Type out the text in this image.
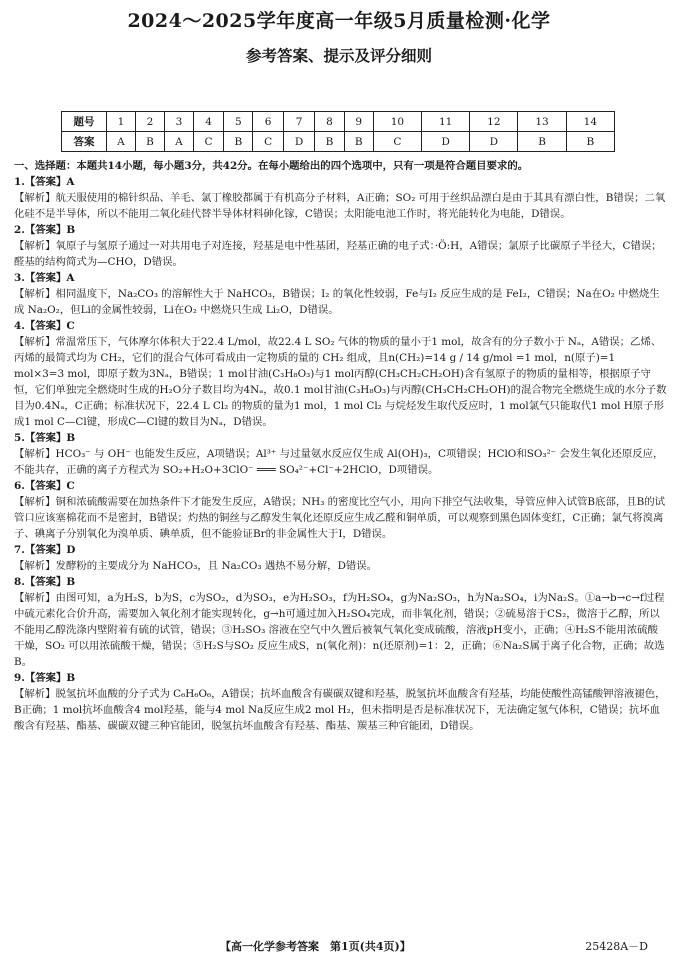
2024～2025学年度高一年级5月质量检测·化学
参考答案、提示及评分细则
题号	1	2	3	4	5	6	7	8	9	10	11	12	13	14
答案	A	B	A	C	B	C	D	B	B	C	D	D	B	B
一、选择题：本题共14小题，每小题3分，共42分。在每小题给出的四个选项中，只有一项是符合题目要求的。
1.【答案】A
【解析】航天服使用的棉针织品、羊毛、氯丁橡胶都属于有机高分子材料，A正确；SO₂ 可用于丝织品漂白是由于其具有漂白性，B错误；二氧化硅不是半导体，所以不能用二氧化硅代替半导体材料砷化镓，C错误；太阳能电池工作时，将光能转化为电能，D错误。
2.【答案】B
【解析】氧原子与氢原子通过一对共用电子对连接，羟基是电中性基团，羟基正确的电子式：·Ö:H，A错误；氯原子比碳原子半径大，C错误；醛基的结构简式为—CHO，D错误。
3.【答案】A
【解析】相同温度下，Na₂CO₃ 的溶解性大于 NaHCO₃，B错误；I₂ 的氧化性较弱，Fe与I₂ 反应生成的是 FeI₂，C错误；Na在O₂ 中燃烧生成 Na₂O₂，但Li的金属性较弱，Li在O₂ 中燃烧只生成 Li₂O，D错误。
4.【答案】C
【解析】常温常压下，气体摩尔体积大于22.4 L/mol，故22.4 L SO₂ 气体的物质的量小于1 mol，故含有的分子数小于 Nₐ，A错误；乙烯、丙烯的最简式均为 CH₂，它们的混合气体可看成由一定物质的量的 CH₂ 组成，且n(CH₂)=14 g / 14 g/mol =1 mol，n(原子)=1 mol×3=3 mol，即原子数为3Nₐ，B错误；1 mol甘油(C₃H₈O₃)与1 mol丙醇(CH₃CH₂CH₂OH)含有氢原子的物质的量相等，根据原子守恒，它们单独完全燃烧时生成的H₂O分子数目均为4Nₐ，故0.1 mol甘油(C₃H₈O₃)与丙醇(CH₃CH₂CH₂OH)的混合物完全燃烧生成的水分子数目为0.4Nₐ，C正确；标准状况下，22.4 L Cl₂ 的物质的量为1 mol，1 mol Cl₂ 与烷烃发生取代反应时，1 mol氯气只能取代1 mol H原子形成1 mol C—Cl键，形成C—Cl键的数目为Nₐ，D错误。
5.【答案】B
【解析】HCO₃⁻ 与 OH⁻ 也能发生反应，A项错误；Al³⁺ 与过量氨水反应仅生成 Al(OH)₃，C项错误；HClO和SO₃²⁻ 会发生氧化还原反应，不能共存，正确的离子方程式为 SO₂+H₂O+3ClO⁻ ═══ SO₄²⁻+Cl⁻+2HClO，D项错误。
6.【答案】C
【解析】铜和浓硫酸需要在加热条件下才能发生反应，A错误；NH₃ 的密度比空气小，用向下排空气法收集，导管应伸入试管B底部，且B的试管口应该塞棉花而不是密封，B错误；灼热的铜丝与乙醇发生氧化还原反应生成乙醛和铜单质，可以观察到黑色固体变红，C正确；氯气将溴离子、碘离子分别氧化为溴单质、碘单质，但不能验证Br的非金属性大于I，D错误。
7.【答案】D
【解析】发酵粉的主要成分为 NaHCO₃，且 Na₂CO₃ 遇热不易分解，D错误。
8.【答案】B
【解析】由图可知，a为H₂S，b为S，c为SO₂，d为SO₃，e为H₂SO₃，f为H₂SO₄，g为Na₂SO₃，h为Na₂SO₄，i为Na₂S。①a→b→c→f过程中硫元素化合价升高，需要加入氧化剂才能实现转化，g→h可通过加入H₂SO₄完成，而非氧化剂，错误；②硫易溶于CS₂，微溶于乙醇，所以不能用乙醇洗涤内壁附着有硫的试管，错误；③H₂SO₃ 溶液在空气中久置后被氧气氧化变成硫酸，溶液pH变小，正确；④H₂S不能用浓硫酸干燥，SO₂ 可以用浓硫酸干燥，错误；⑤H₂S与SO₂ 反应生成S，n(氧化剂)：n(还原剂)=1：2，正确；⑥Na₂S属于离子化合物，正确；故选B。
9.【答案】B
【解析】脱氢抗坏血酸的分子式为 C₆H₆O₆，A错误；抗坏血酸含有碳碳双键和羟基，脱氢抗坏血酸含有羟基，均能使酸性高锰酸钾溶液褪色，B正确；1 mol抗坏血酸含4 mol羟基，能与4 mol Na反应生成2 mol H₂，但未指明是否是标准状况下，无法确定氢气体积，C错误；抗坏血酸含有羟基、酯基、碳碳双键三种官能团，脱氢抗坏血酸含有羟基、酯基、羰基三种官能团，D错误。
【高一化学参考答案　第1页(共4页)】	25428A－D
